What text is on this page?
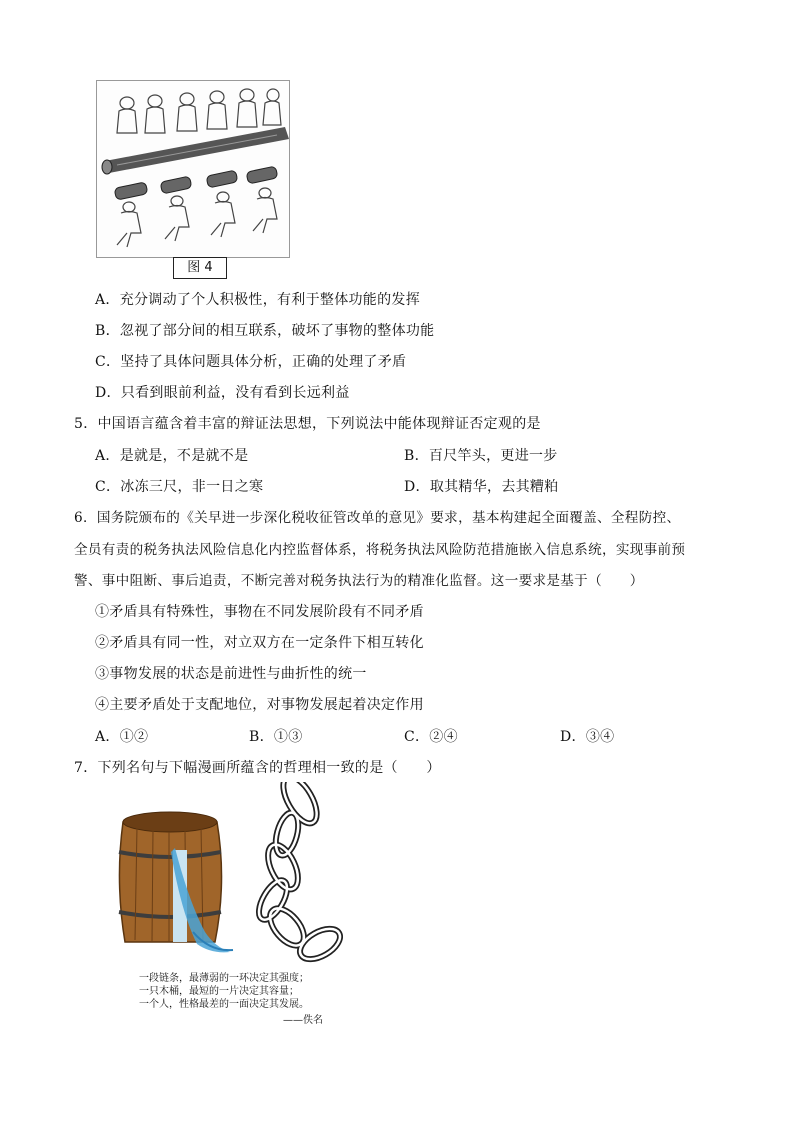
图 4
A．充分调动了个人积极性，有利于整体功能的发挥
B．忽视了部分间的相互联系，破坏了事物的整体功能
C．坚持了具体问题具体分析，正确的处理了矛盾
D．只看到眼前利益，没有看到长远利益
5．中国语言蕴含着丰富的辩证法思想，下列说法中能体现辩证否定观的是
A．是就是，不是就不是	B．百尺竿头，更进一步
C．冰冻三尺，非一日之寒	D．取其精华，去其糟粕
6．国务院颁布的《关早进一步深化税收征管改单的意见》要求，基本构建起全面覆盖、全程防控、
全员有责的税务执法风险信息化内控监督体系，将税务执法风险防范措施嵌入信息系统，实现事前预
警、事中阻断、事后追责，不断完善对税务执法行为的精准化监督。这一要求是基于（　　）
①矛盾具有特殊性，事物在不同发展阶段有不同矛盾
②矛盾具有同一性，对立双方在一定条件下相互转化
③事物发展的状态是前进性与曲折性的统一
④主要矛盾处于支配地位，对事物发展起着决定作用
A．①②	B．①③	C．②④	D．③④
7．下列名句与下幅漫画所蕴含的哲理相一致的是（　　）
一段链条，最薄弱的一环决定其强度；
一只木桶，最短的一片决定其容量；
一个人，性格最差的一面决定其发展。
——佚名
